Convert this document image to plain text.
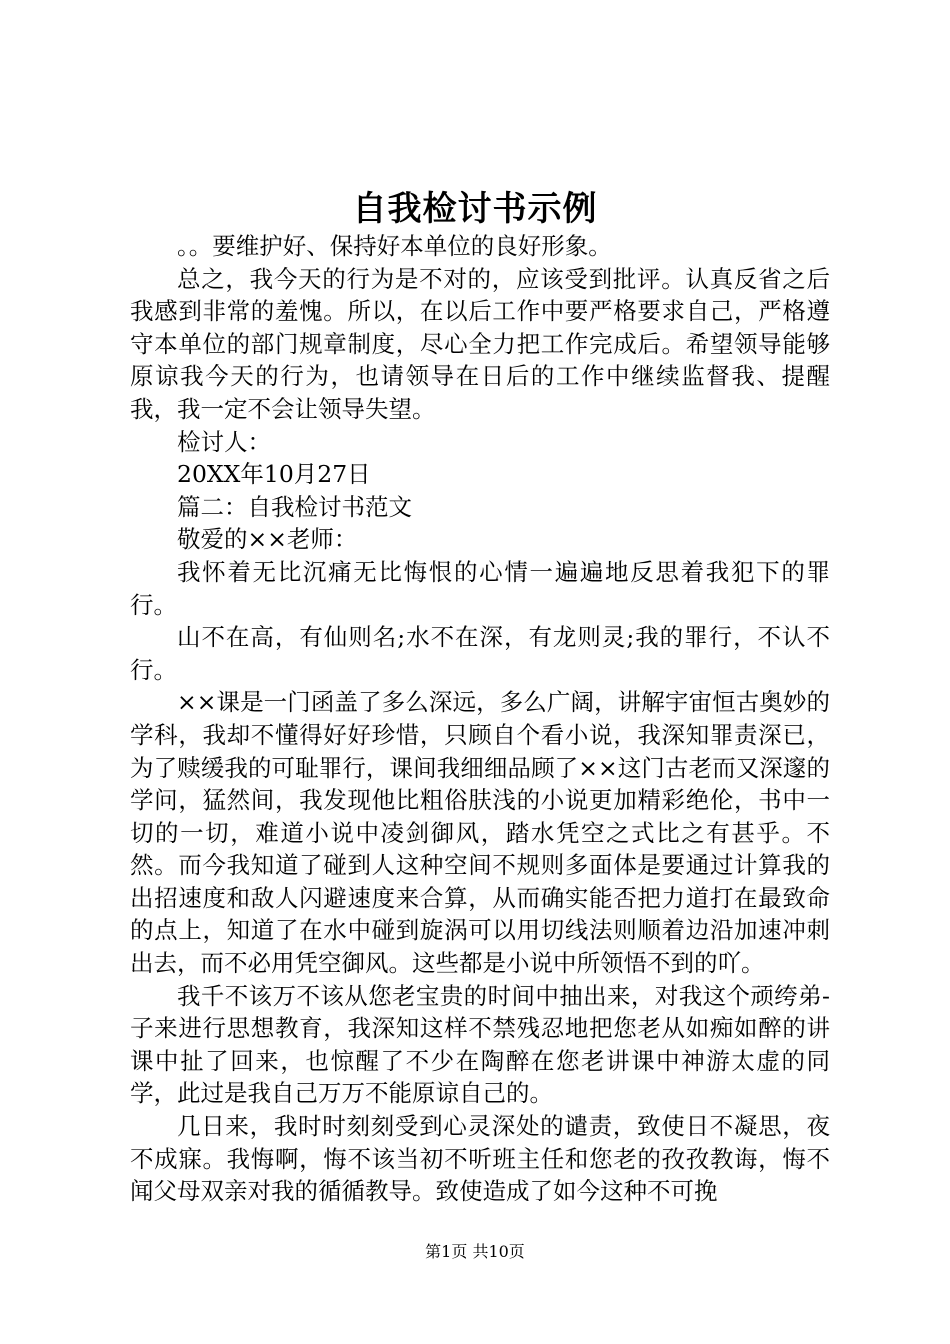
自我检讨书示例

。。要维护好、保持好本单位的良好形象。

总之，我今天的行为是不对的，应该受到批评。认真反省之后我感到非常的羞愧。所以，在以后工作中要严格要求自己，严格遵守本单位的部门规章制度，尽心全力把工作完成后。希望领导能够原谅我今天的行为，也请领导在日后的工作中继续监督我、提醒我，我一定不会让领导失望。

检讨人：

20XX年10月27日

篇二：自我检讨书范文

敬爱的××老师：

我怀着无比沉痛无比悔恨的心情一遍遍地反思着我犯下的罪行。

山不在高，有仙则名;水不在深，有龙则灵;我的罪行，不认不行。

××课是一门函盖了多么深远，多么广阔，讲解宇宙恒古奥妙的学科，我却不懂得好好珍惜，只顾自个看小说，我深知罪责深已，为了赎缓我的可耻罪行，课间我细细品顾了××这门古老而又深邃的学问，猛然间，我发现他比粗俗肤浅的小说更加精彩绝伦，书中一切的一切，难道小说中凌剑御风，踏水凭空之式比之有甚乎。不然。而今我知道了碰到人这种空间不规则多面体是要通过计算我的出招速度和敌人闪避速度来合算，从而确实能否把力道打在最致命的点上，知道了在水中碰到旋涡可以用切线法则顺着边沿加速冲刺出去，而不必用凭空御风。这些都是小说中所领悟不到的吖。

我千不该万不该从您老宝贵的时间中抽出来，对我这个顽绔弟-子来进行思想教育，我深知这样不禁残忍地把您老从如痴如醉的讲课中扯了回来，也惊醒了不少在陶醉在您老讲课中神游太虚的同学，此过是我自己万万不能原谅自己的。

几日来，我时时刻刻受到心灵深处的谴责，致使日不凝思，夜不成寐。我悔啊，悔不该当初不听班主任和您老的孜孜教诲，悔不闻父母双亲对我的循循教导。致使造成了如今这种不可挽

第1页 共10页
